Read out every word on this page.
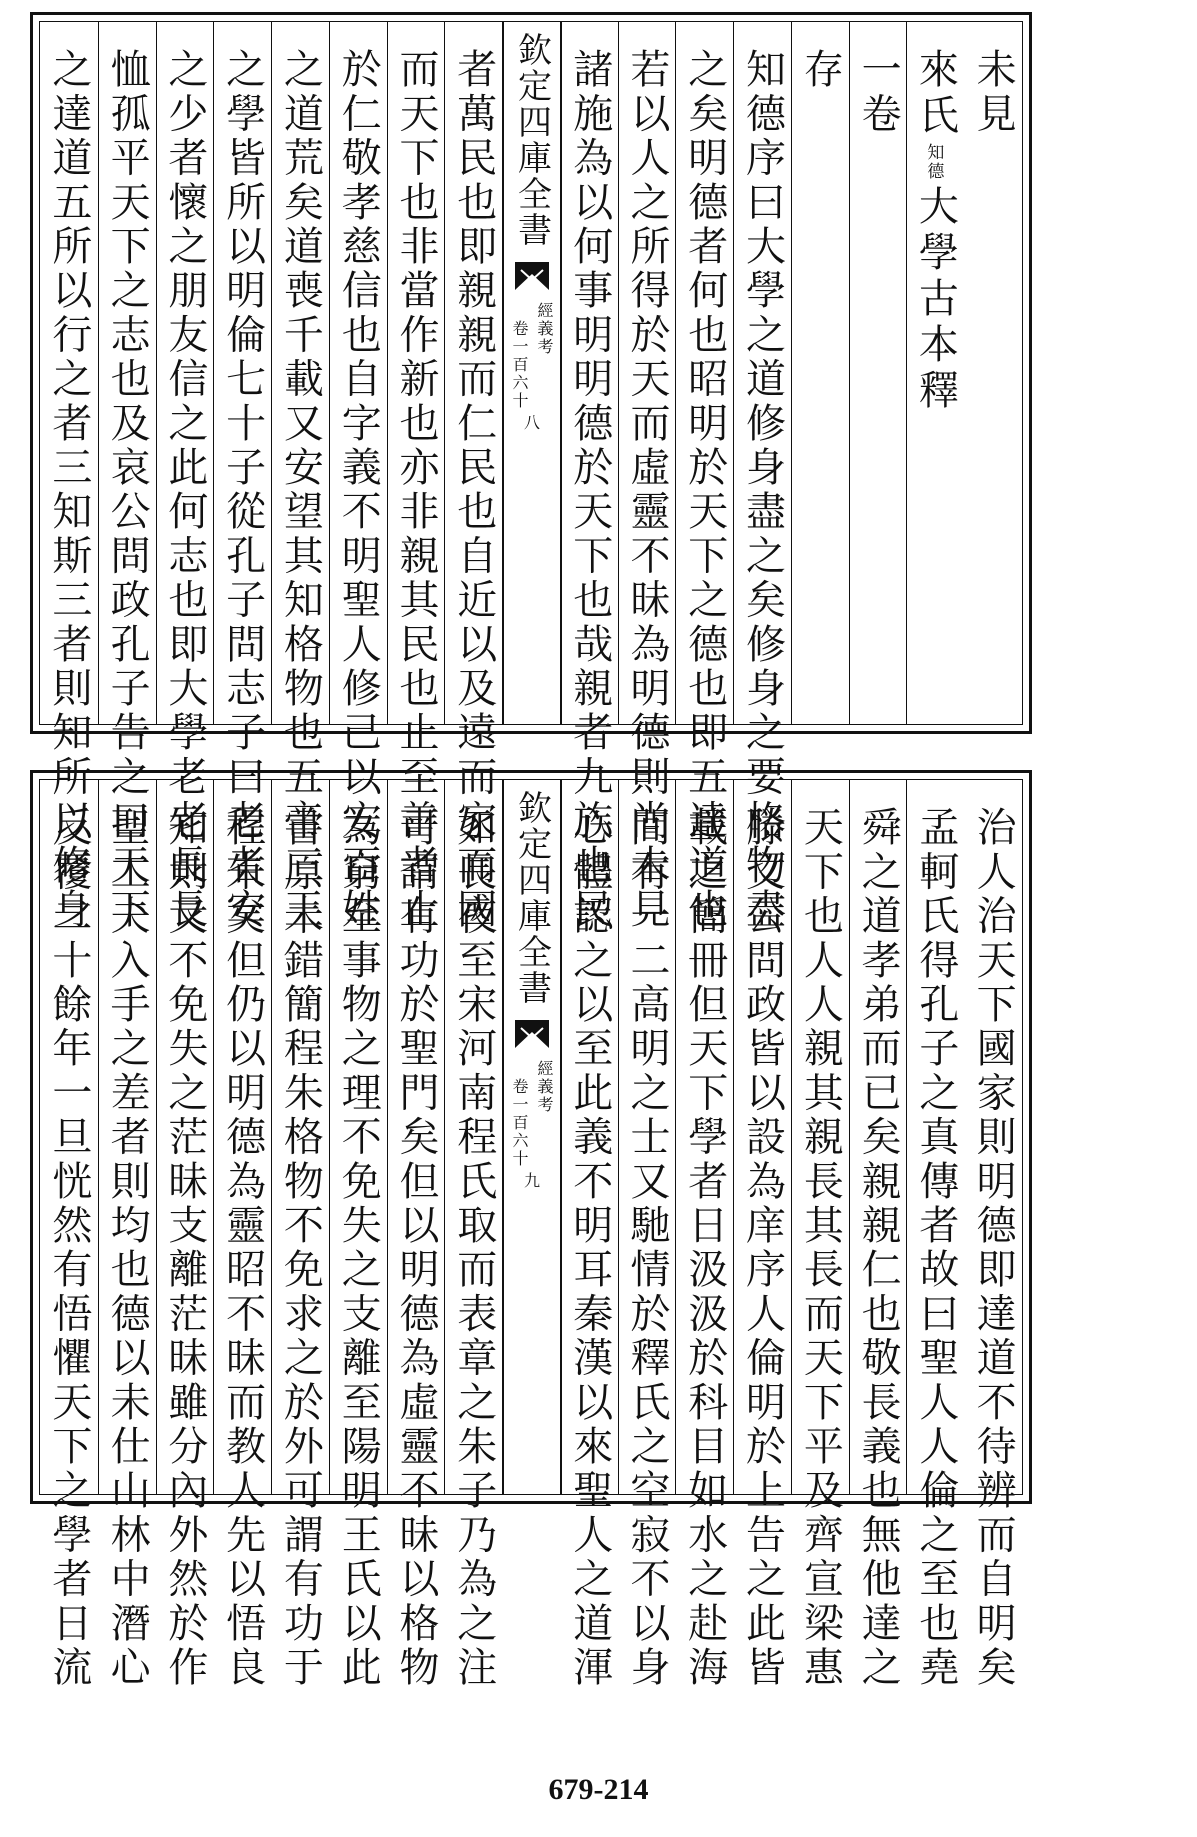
未見
來氏
知
德
大學古本釋
一卷
存
知德序曰大學之道修身盡之矣修身之要格物盡
之矣明德者何也昭明於天下之德也即五達道也
若以人之所得於天而虛靈不昧為明德則尚未見
諸施為以何事明明德於天下也哉親者九族也民
欽定四庫全書
經義考
卷一百六十
八
者萬民也即親親而仁民也自近以及遠而家而國
而天下也非當作新也亦非親其民也止至善者止
於仁敬孝慈信也自字義不明聖人修己以安百姓
之道荒矣道喪千載又安望其知格物也五帝三王
之學皆所以明倫七十子從孔子問志子曰老者安
之少者懷之朋友信之此何志也即大學老老長長
恤孤平天下之志也及哀公問政孔子告之曰天下
之達道五所以行之者三知斯三者則知所以修身
治人治天下國家則明德即達道不待辨而自明矣
孟軻氏得孔子之真傳者故曰聖人人倫之至也堯
舜之道孝弟而已矣親親仁也敬長義也無他達之
天下也人人親其親長其長而天下平及齊宣梁惠
滕文公問政皆以設為庠序人倫明於上告之此皆
載之簡冊但天下學者日汲汲於科目如水之赴海
間有一二高明之士又馳情於釋氏之空寂不以身
心體認之以至此義不明耳秦漢以來聖人之道渾
欽定四庫全書
經義考
卷一百六十
九
如長夜至宋河南程氏取而表章之朱子乃為之注
可謂有功於聖門矣但以明德為虛靈不昧以格物
為窮至事物之理不免失之支離至陽明王氏以此
書原未錯簡程朱格物不免求之於外可謂有功于
程朱矣但仍以明德為靈昭不昧而教人先以悟良
知則又不免失之茫昧支離茫昧雖分內外然於作
聖工夫入手之差者則均也德以未仕山林中潛心
反覆二十餘年一旦恍然有悟懼天下之學者日流
679-214
